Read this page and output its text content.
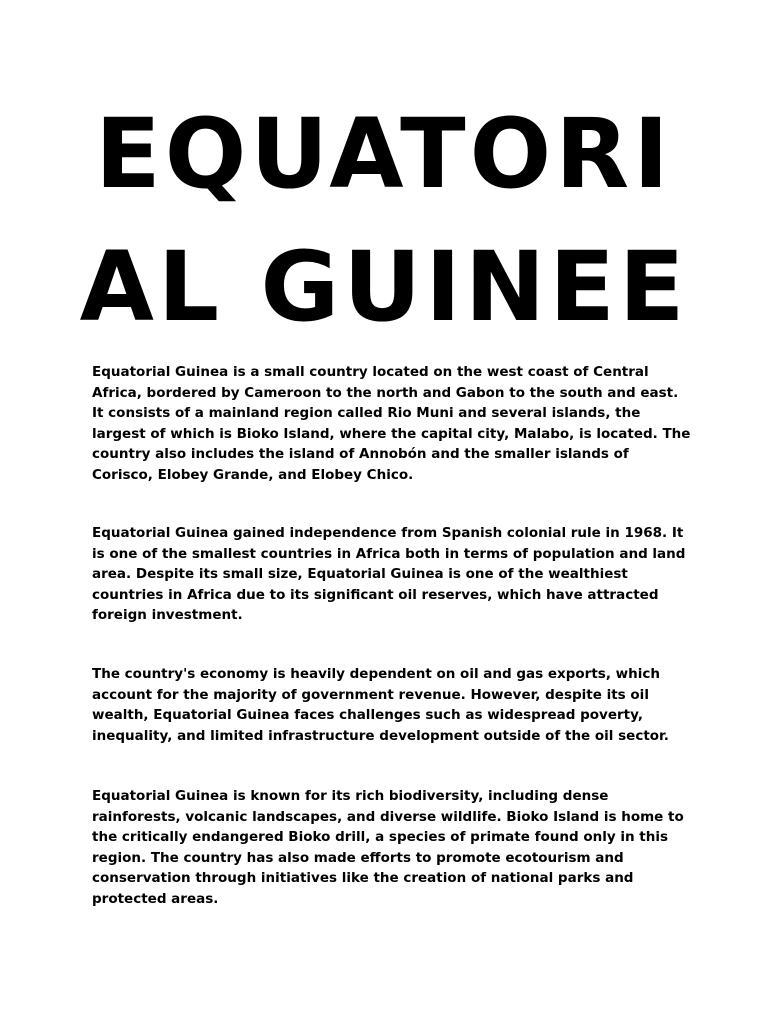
EQUATORI
AL GUINEE

Equatorial Guinea is a small country located on the west coast of Central Africa, bordered by Cameroon to the north and Gabon to the south and east. It consists of a mainland region called Rio Muni and several islands, the largest of which is Bioko Island, where the capital city, Malabo, is located. The country also includes the island of Annobón and the smaller islands of Corisco, Elobey Grande, and Elobey Chico.

Equatorial Guinea gained independence from Spanish colonial rule in 1968. It is one of the smallest countries in Africa both in terms of population and land area. Despite its small size, Equatorial Guinea is one of the wealthiest countries in Africa due to its significant oil reserves, which have attracted foreign investment.

The country's economy is heavily dependent on oil and gas exports, which account for the majority of government revenue. However, despite its oil wealth, Equatorial Guinea faces challenges such as widespread poverty, inequality, and limited infrastructure development outside of the oil sector.

Equatorial Guinea is known for its rich biodiversity, including dense rainforests, volcanic landscapes, and diverse wildlife. Bioko Island is home to the critically endangered Bioko drill, a species of primate found only in this region. The country has also made efforts to promote ecotourism and conservation through initiatives like the creation of national parks and protected areas.
